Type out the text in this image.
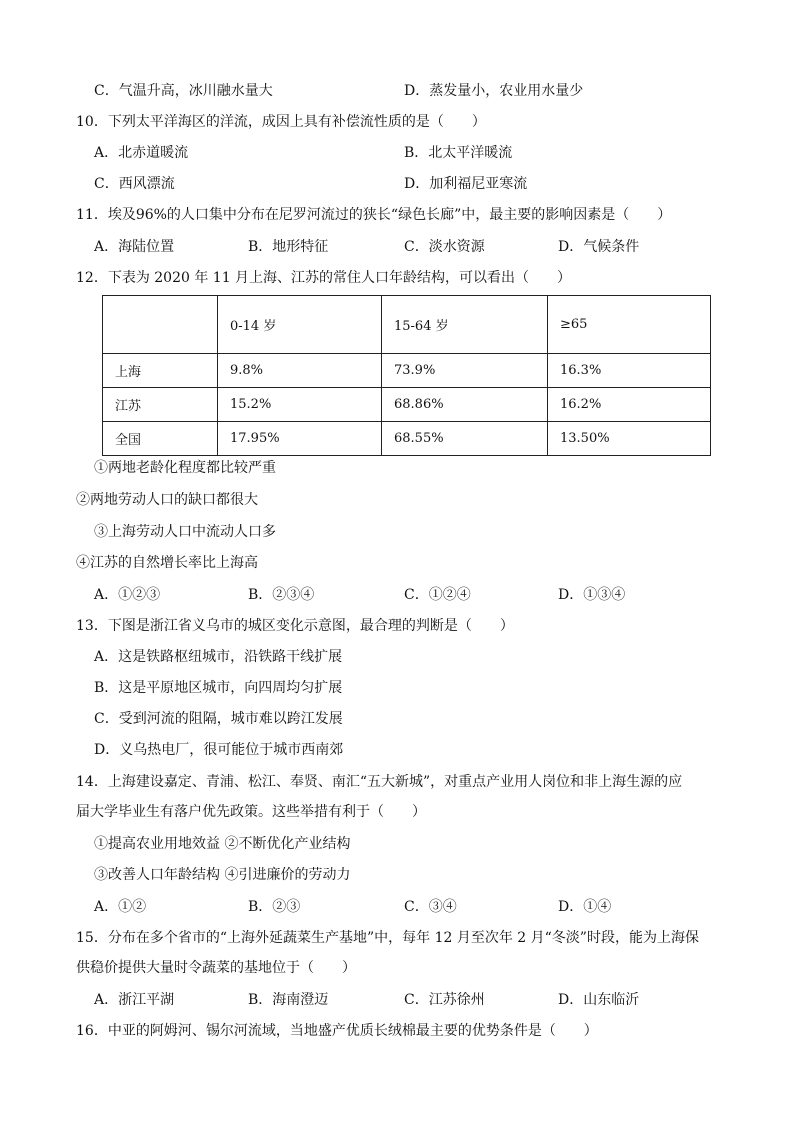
C．气温升高，冰川融水量大	D．蒸发量小，农业用水量少
10．下列太平洋海区的洋流，成因上具有补偿流性质的是（　　）
A．北赤道暖流	B．北太平洋暖流
C．西风漂流	D．加利福尼亚寒流
11．埃及96%的人口集中分布在尼罗河流过的狭长“绿色长廊”中，最主要的影响因素是（　　）
A．海陆位置	B．地形特征	C．淡水资源	D．气候条件
12．下表为 2020 年 11 月上海、江苏的常住人口年龄结构，可以看出（　　）
	0-14 岁	15-64 岁	≥65
上海	9.8%	73.9%	16.3%
江苏	15.2%	68.86%	16.2%
全国	17.95%	68.55%	13.50%
①两地老龄化程度都比较严重
②两地劳动人口的缺口都很大
③上海劳动人口中流动人口多
④江苏的自然增长率比上海高
A．①②③	B．②③④	C．①②④	D．①③④
13．下图是浙江省义乌市的城区变化示意图，最合理的判断是（　　）
A．这是铁路枢纽城市，沿铁路干线扩展
B．这是平原地区城市，向四周均匀扩展
C．受到河流的阻隔，城市难以跨江发展
D．义乌热电厂，很可能位于城市西南郊
14．上海建设嘉定、青浦、松江、奉贤、南汇“五大新城”，对重点产业用人岗位和非上海生源的应
届大学毕业生有落户优先政策。这些举措有利于（　　）
①提高农业用地效益 ②不断优化产业结构
③改善人口年龄结构 ④引进廉价的劳动力
A．①②	B．②③	C．③④	D．①④
15．分布在多个省市的“上海外延蔬菜生产基地”中，每年 12 月至次年 2 月“冬淡”时段，能为上海保
供稳价提供大量时令蔬菜的基地位于（　　）
A．浙江平湖	B．海南澄迈	C．江苏徐州	D．山东临沂
16．中亚的阿姆河、锡尔河流域，当地盛产优质长绒棉最主要的优势条件是（　　）
